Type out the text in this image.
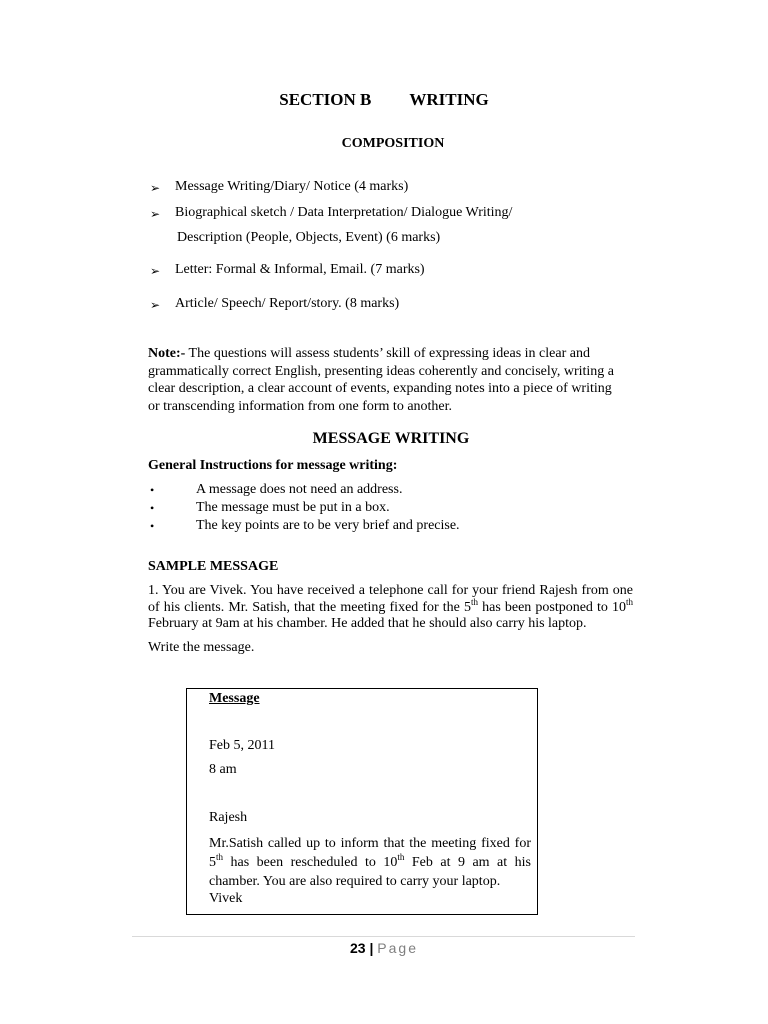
SECTION B WRITING
COMPOSITION
➢ Message Writing/Diary/ Notice (4 marks)
➢ Biographical sketch / Data Interpretation/ Dialogue Writing/
Description (People, Objects, Event) (6 marks)
➢ Letter: Formal & Informal, Email. (7 marks)
➢ Article/ Speech/ Report/story. (8 marks)
Note:- The questions will assess students’ skill of expressing ideas in clear and grammatically correct English, presenting ideas coherently and concisely, writing a clear description, a clear account of events, expanding notes into a piece of writing or transcending information from one form to another.
MESSAGE WRITING
General Instructions for message writing:
•	A message does not need an address.
•	The message must be put in a box.
•	The key points are to be very brief and precise.
SAMPLE MESSAGE
1. You are Vivek. You have received a telephone call for your friend Rajesh from one of his clients. Mr. Satish, that the meeting fixed for the 5th has been postponed to 10th February at 9am at his chamber. He added that he should also carry his laptop.
Write the message.
Message
Feb 5, 2011
8 am
Rajesh
Mr.Satish called up to inform that the meeting fixed for 5th has been rescheduled to 10th Feb at 9 am at his chamber. You are also required to carry your laptop.
Vivek
23 | Page
